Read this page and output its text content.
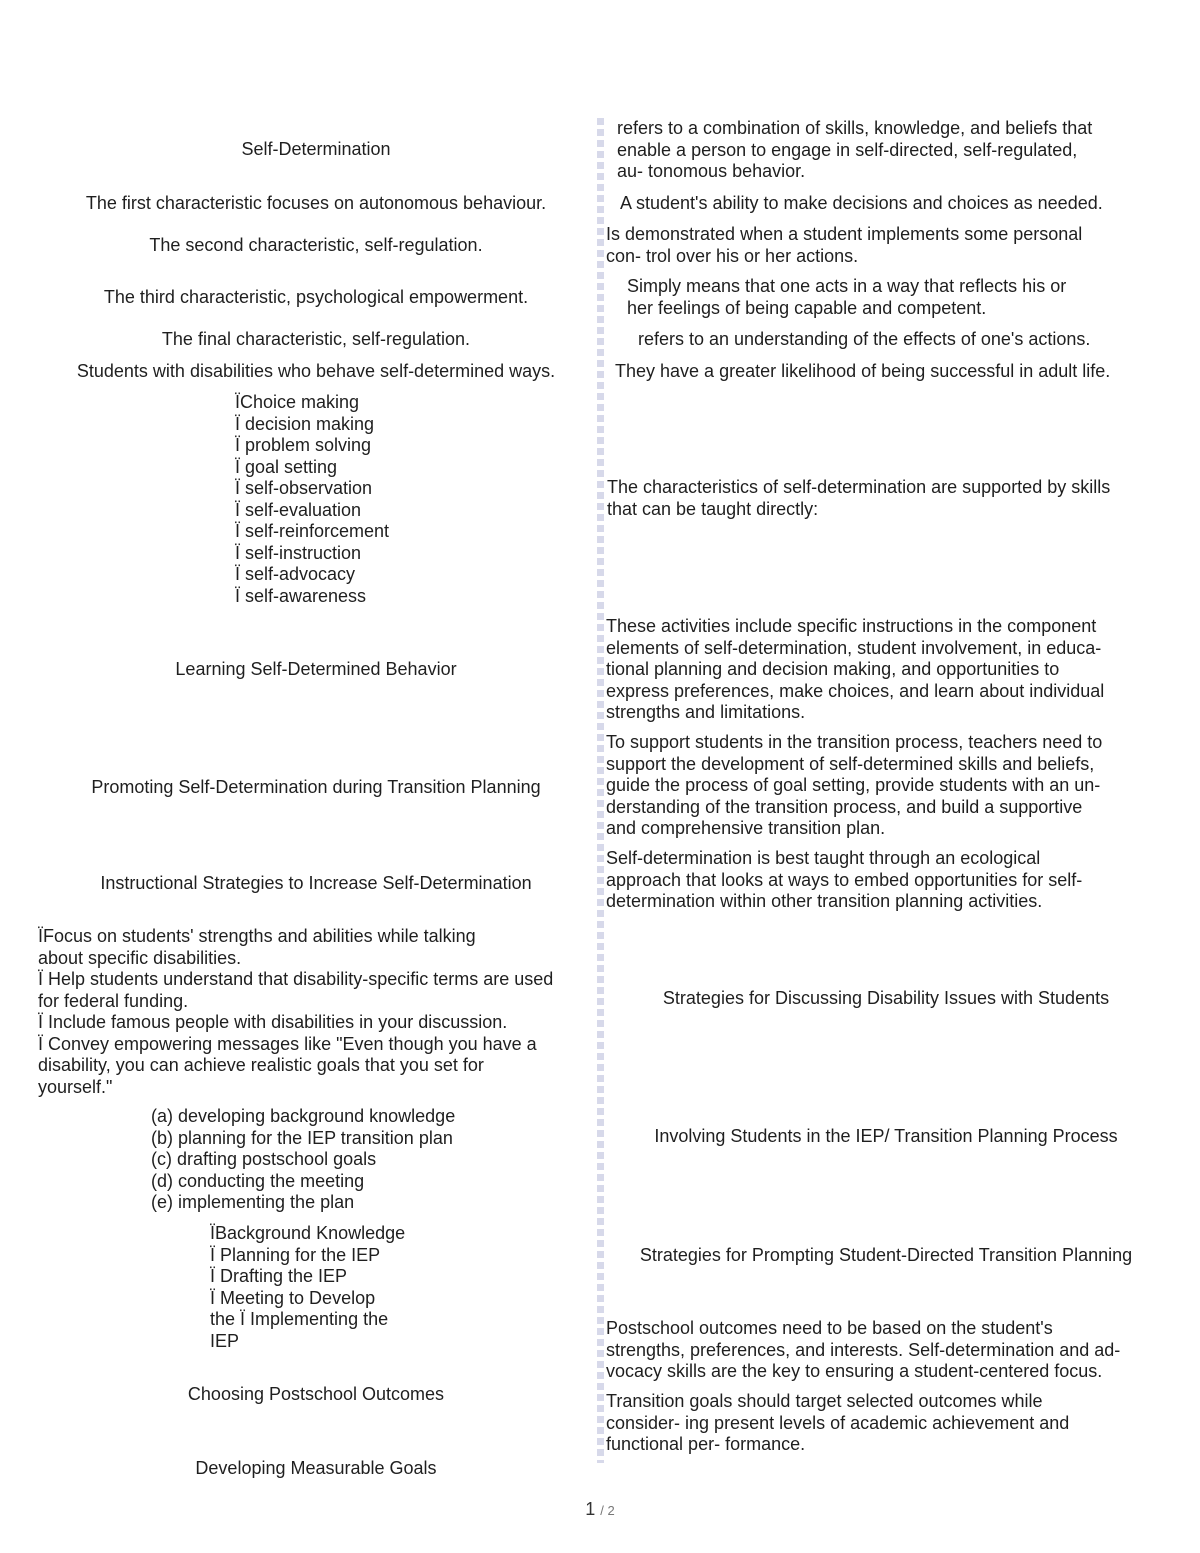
Self-Determination
refers to a combination of skills, knowledge, and beliefs that
enable a person to engage in self-directed, self-regulated,
au- tonomous behavior.
The first characteristic focuses on autonomous behaviour.	A student's ability to make decisions and choices as needed.
The second characteristic, self-regulation.
Is demonstrated when a student implements some personal
con- trol over his or her actions.
The third characteristic, psychological empowerment.
Simply means that one acts in a way that reflects his or
her feelings of being capable and competent.
The final characteristic, self-regulation.	refers to an understanding of the effects of one's actions.
Students with disabilities who behave self-determined ways.	They have a greater likelihood of being successful in adult life.
ÏChoice making
Ï decision making
Ï problem solving
Ï goal setting
Ï self-observation
Ï self-evaluation
Ï self-reinforcement
Ï self-instruction
Ï self-advocacy
Ï self-awareness
The characteristics of self-determination are supported by skills
that can be taught directly:
Learning Self-Determined Behavior
These activities include specific instructions in the component
elements of self-determination, student involvement, in educa-
tional planning and decision making, and opportunities to
express preferences, make choices, and learn about individual
strengths and limitations.
Promoting Self-Determination during Transition Planning
To support students in the transition process, teachers need to
support the development of self-determined skills and beliefs,
guide the process of goal setting, provide students with an un-
derstanding of the transition process, and build a supportive
and comprehensive transition plan.
Instructional Strategies to Increase Self-Determination
Self-determination is best taught through an ecological
approach that looks at ways to embed opportunities for self-
determination within other transition planning activities.
ÏFocus on students' strengths and abilities while talking
about specific disabilities.
Ï Help students understand that disability-specific terms are used
for federal funding.
Ï Include famous people with disabilities in your discussion.
Ï Convey empowering messages like "Even though you have a
disability, you can achieve realistic goals that you set for
yourself."
Strategies for Discussing Disability Issues with Students
(a) developing background knowledge
(b) planning for the IEP transition plan
(c) drafting postschool goals
(d) conducting the meeting
(e) implementing the plan
Involving Students in the IEP/ Transition Planning Process
ÏBackground Knowledge
Ï Planning for the IEP
Ï Drafting the IEP
Ï Meeting to Develop
the Ï Implementing the
IEP
Strategies for Prompting Student-Directed Transition Planning
Choosing Postschool Outcomes
Postschool outcomes need to be based on the student's
strengths, preferences, and interests. Self-determination and ad-
vocacy skills are the key to ensuring a student-centered focus.
Developing Measurable Goals
Transition goals should target selected outcomes while
consider- ing present levels of academic achievement and
functional per- formance.
1 / 2
